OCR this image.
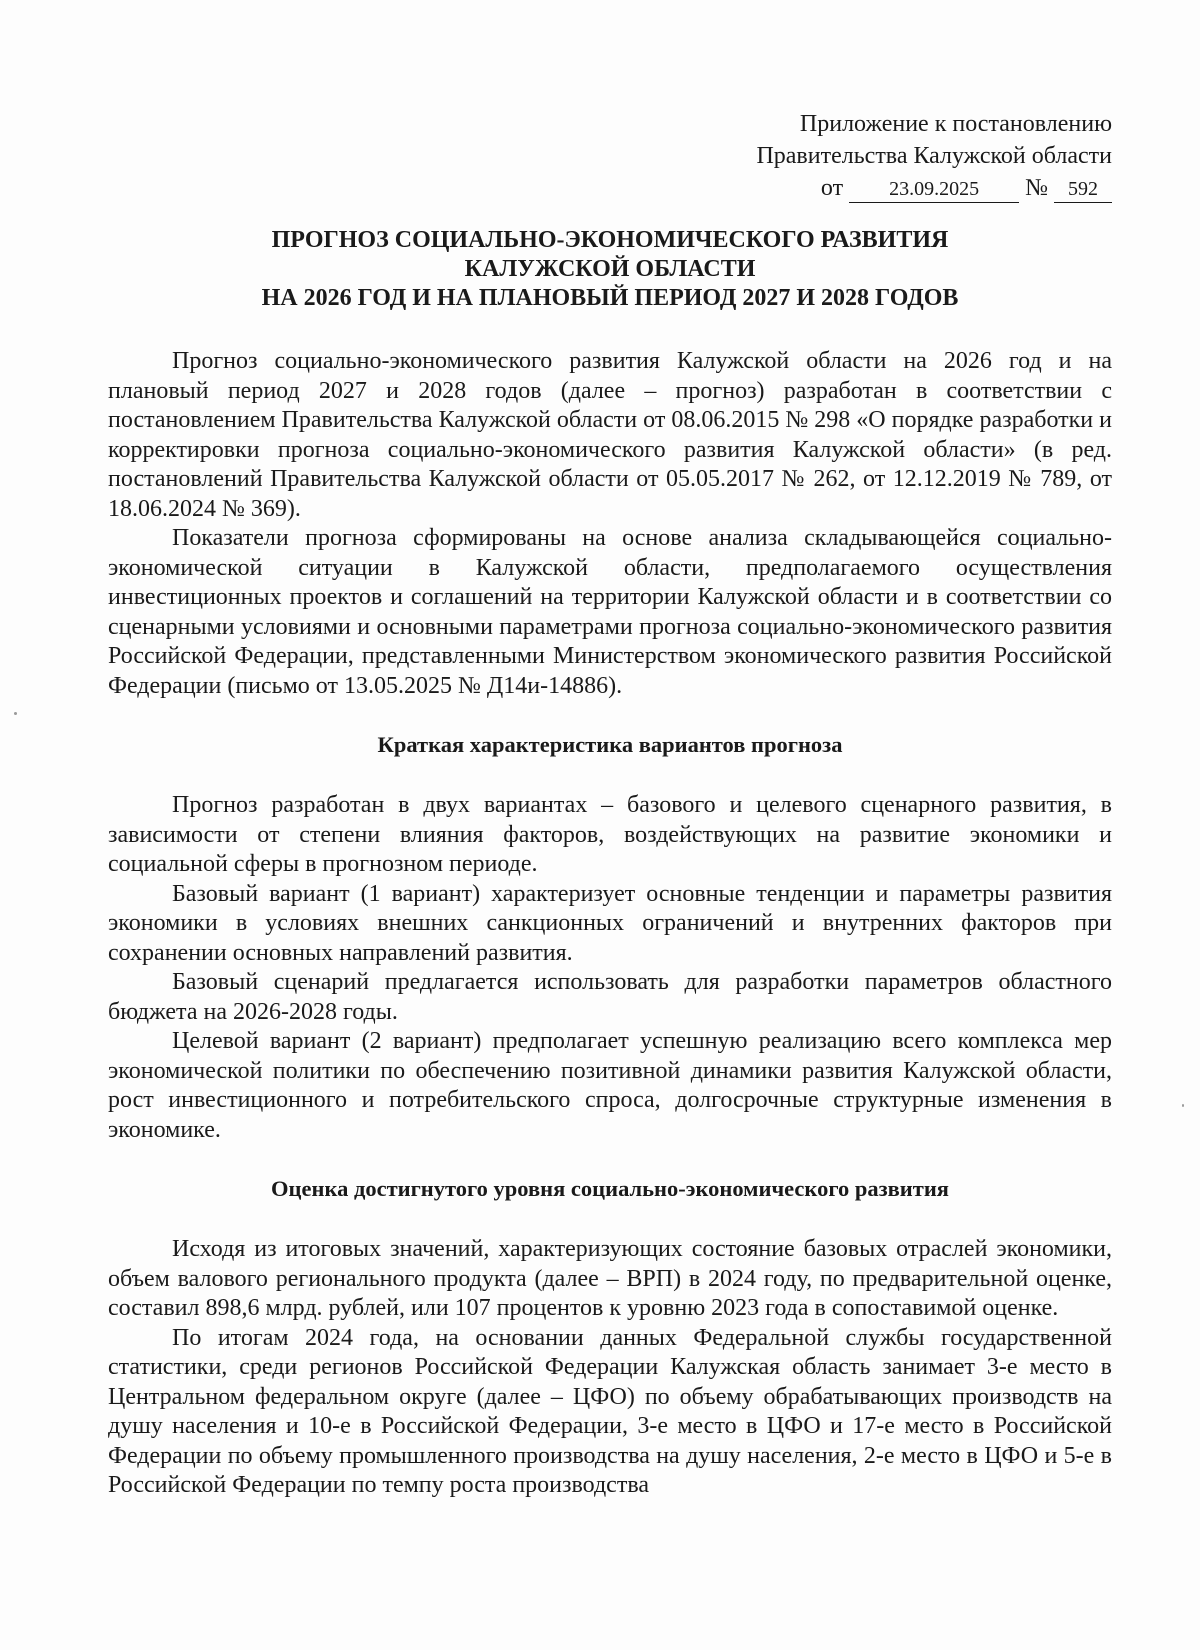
Приложение к постановлению
Правительства Калужской области
от 23.09.2025 № 592
ПРОГНОЗ СОЦИАЛЬНО-ЭКОНОМИЧЕСКОГО РАЗВИТИЯ
КАЛУЖСКОЙ ОБЛАСТИ
НА 2026 ГОД И НА ПЛАНОВЫЙ ПЕРИОД 2027 И 2028 ГОДОВ

Прогноз социально-экономического развития Калужской области на 2026 год и на плановый период 2027 и 2028 годов (далее – прогноз) разработан в соответствии с постановлением Правительства Калужской области от 08.06.2015 № 298 «О порядке разработки и корректировки прогноза социально-экономического развития Калужской области» (в ред. постановлений Правительства Калужской области от 05.05.2017 № 262, от 12.12.2019 № 789, от 18.06.2024 № 369).

Показатели прогноза сформированы на основе анализа складывающейся социально-экономической ситуации в Калужской области, предполагаемого осуществления инвестиционных проектов и соглашений на территории Калужской области и в соответствии со сценарными условиями и основными параметрами прогноза социально-экономического развития Российской Федерации, представленными Министерством экономического развития Российской Федерации (письмо от 13.05.2025 № Д14и-14886).

Краткая характеристика вариантов прогноза

Прогноз разработан в двух вариантах – базового и целевого сценарного развития, в зависимости от степени влияния факторов, воздействующих на развитие экономики и социальной сферы в прогнозном периоде.

Базовый вариант (1 вариант) характеризует основные тенденции и параметры развития экономики в условиях внешних санкционных ограничений и внутренних факторов при сохранении основных направлений развития.

Базовый сценарий предлагается использовать для разработки параметров областного бюджета на 2026-2028 годы.

Целевой вариант (2 вариант) предполагает успешную реализацию всего комплекса мер экономической политики по обеспечению позитивной динамики развития Калужской области, рост инвестиционного и потребительского спроса, долгосрочные структурные изменения в экономике.

Оценка достигнутого уровня социально-экономического развития

Исходя из итоговых значений, характеризующих состояние базовых отраслей экономики, объем валового регионального продукта (далее – ВРП) в 2024 году, по предварительной оценке, составил 898,6 млрд. рублей, или 107 процентов к уровню 2023 года в сопоставимой оценке.

По итогам 2024 года, на основании данных Федеральной службы государственной статистики, среди регионов Российской Федерации Калужская область занимает 3-е место в Центральном федеральном округе (далее – ЦФО) по объему обрабатывающих производств на душу населения и 10-е в Российской Федерации, 3-е место в ЦФО и 17-е место в Российской Федерации по объему промышленного производства на душу населения, 2-е место в ЦФО и 5-е в Российской Федерации по темпу роста производства
